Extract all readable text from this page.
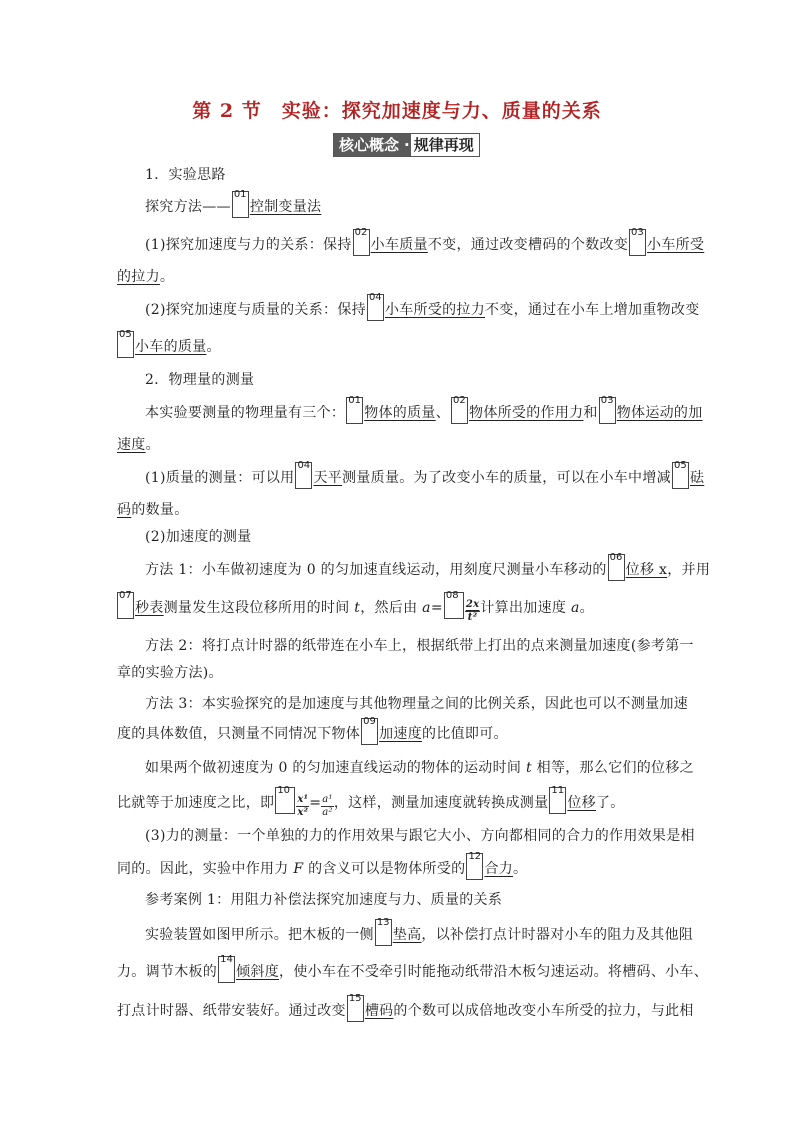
第 2 节　实验：探究加速度与力、质量的关系
核心概念 · 规律再现
1．实验思路
探究方法——
01
控制变量法
(1)探究加速度与力的关系：保持
02
小车质量不变，通过改变槽码的个数改变
03
小车所受
的拉力。
(2)探究加速度与质量的关系：保持
04
小车所受的拉力不变，通过在小车上增加重物改变
05
小车的质量。
2．物理量的测量
本实验要测量的物理量有三个：
01
物体的质量、
02
物体所受的作用力和
03
物体运动的加
速度。
(1)质量的测量：可以用
04
天平测量质量。为了改变小车的质量，可以在小车中增减
05
砝
码的数量。
(2)加速度的测量
方法 1：小车做初速度为 0 的匀加速直线运动，用刻度尺测量小车移动的
06
位移 x，并用
07
秒表测量发生这段位移所用的时间 t，然后由 a=
08
$\frac{2x}{\text{t²}}$ 计算出加速度 a。
方法 2：将打点计时器的纸带连在小车上，根据纸带上打出的点来测量加速度(参考第一
章的实验方法)。
方法 3：本实验探究的是加速度与其他物理量之间的比例关系，因此也可以不测量加速
度的具体数值，只测量不同情况下物体
09
加速度的比值即可。
如果两个做初速度为 0 的匀加速直线运动的物体的运动时间 t 相等，那么它们的位移之
比就等于加速度之比，即
10
$\frac{\text{x¹}}{\text{x²}} = \frac{\text{a¹}}{\text{a²}}$ ，这样，测量加速度就转换成测量
11
位移了。
(3)力的测量：一个单独的力的作用效果与跟它大小、方向都相同的合力的作用效果是相
同的。因此，实验中作用力 F 的含义可以是物体所受的
12
合力。
参考案例 1：用阻力补偿法探究加速度与力、质量的关系
实验装置如图甲所示。把木板的一侧
13
垫高，以补偿打点计时器对小车的阻力及其他阻
力。调节木板的
14
倾斜度，使小车在不受牵引时能拖动纸带沿木板匀速运动。将槽码、小车、
打点计时器、纸带安装好。通过改变
15
槽码的个数可以成倍地改变小车所受的拉力，与此相
